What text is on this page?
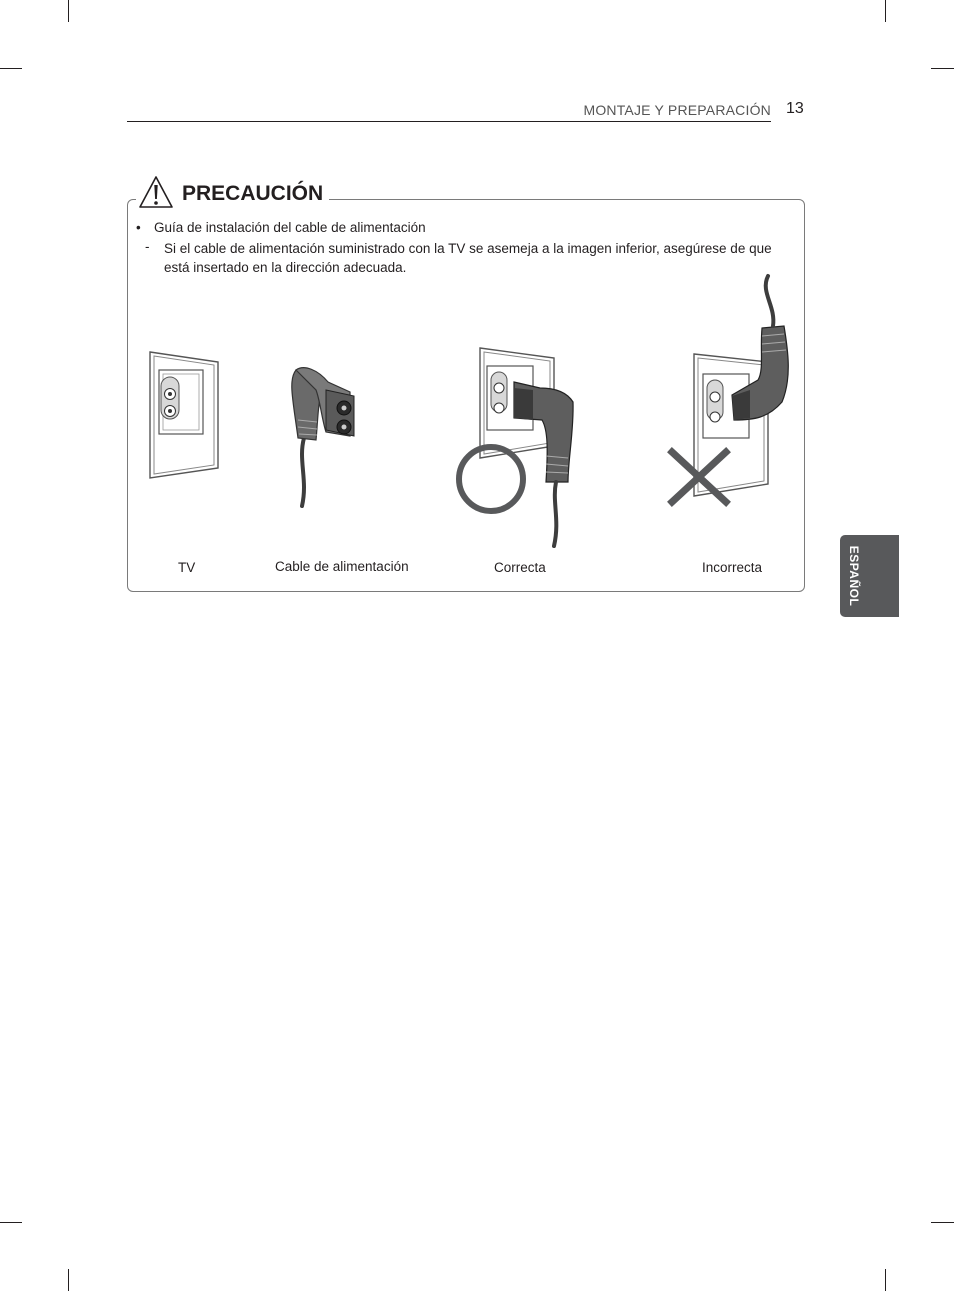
MONTAJE Y PREPARACIÓN 13
PRECAUCIÓN
• Guía de instalación del cable de alimentación
- Si el cable de alimentación suministrado con la TV se asemeja a la imagen inferior, asegúrese de que está insertado en la dirección adecuada.
TV	Cable de alimentación	Correcta	Incorrecta	ESPAÑOL
